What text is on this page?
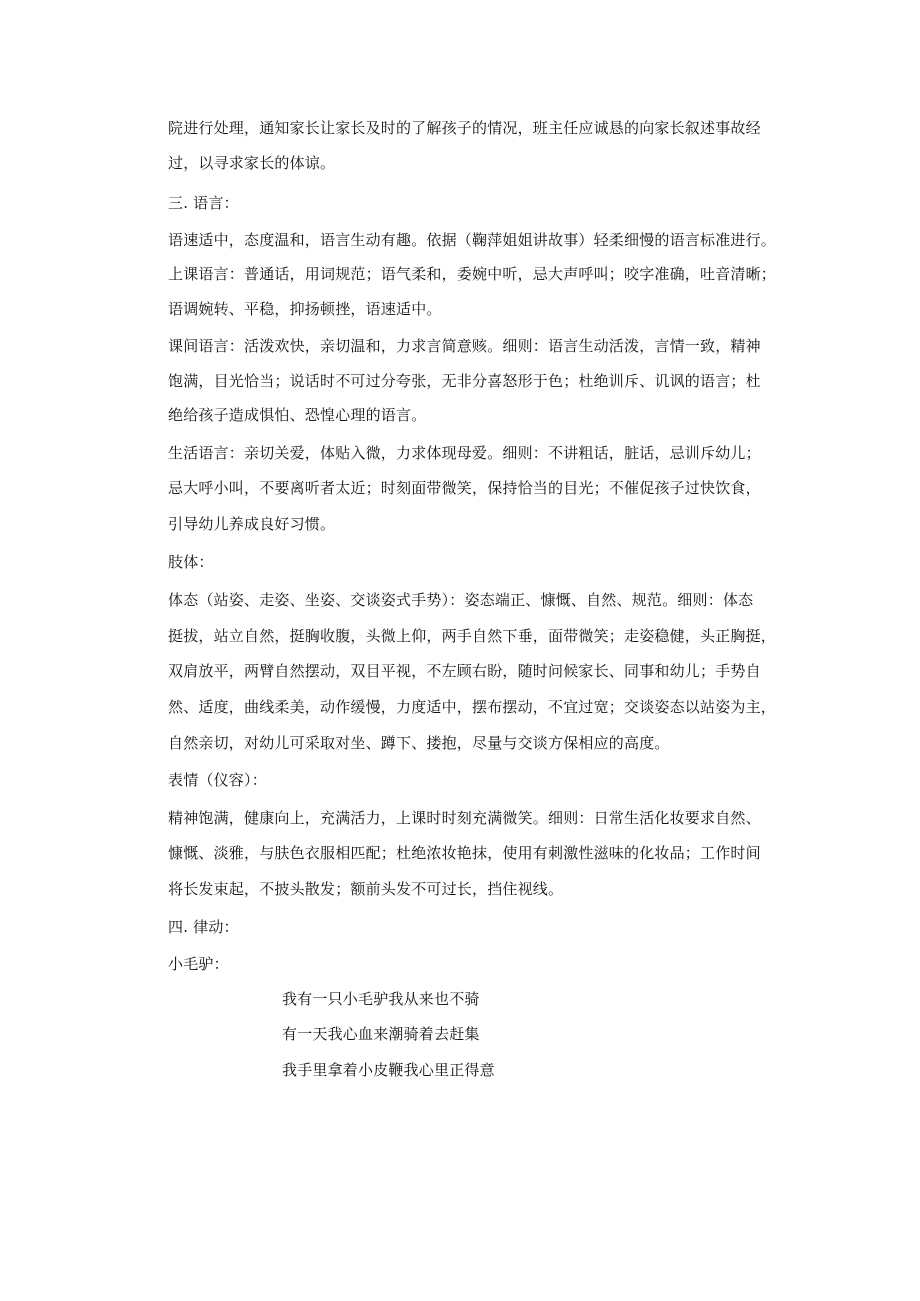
院进行处理，通知家长让家长及时的了解孩子的情况，班主任应诚恳的向家长叙述事故经
过，以寻求家长的体谅。
三. 语言：
语速适中，态度温和，语言生动有趣。依据（鞠萍姐姐讲故事）轻柔细慢的语言标准进行。
上课语言：普通话，用词规范；语气柔和，委婉中听，忌大声呼叫；咬字准确，吐音清晰；
语调婉转、平稳，抑扬顿挫，语速适中。
课间语言：活泼欢快，亲切温和，力求言简意赅。细则：语言生动活泼，言情一致，精神
饱满，目光恰当；说话时不可过分夸张，无非分喜怒形于色；杜绝训斥、讥讽的语言；杜
绝给孩子造成惧怕、恐惶心理的语言。
生活语言：亲切关爱，体贴入微，力求体现母爱。细则：不讲粗话，脏话，忌训斥幼儿；
忌大呼小叫，不要离听者太近；时刻面带微笑，保持恰当的目光；不催促孩子过快饮食，
引导幼儿养成良好习惯。
肢体：
体态（站姿、走姿、坐姿、交谈姿式手势）：姿态端正、慷慨、自然、规范。细则：体态
挺拔，站立自然，挺胸收腹，头微上仰，两手自然下垂，面带微笑；走姿稳健，头正胸挺，
双肩放平，两臂自然摆动，双目平视，不左顾右盼，随时问候家长、同事和幼儿；手势自
然、适度，曲线柔美，动作缓慢，力度适中，摆布摆动，不宜过宽；交谈姿态以站姿为主，
自然亲切，对幼儿可采取对坐、蹲下、搂抱，尽量与交谈方保相应的高度。
表情（仪容）：
精神饱满，健康向上，充满活力，上课时时刻充满微笑。细则：日常生活化妆要求自然、
慷慨、淡雅，与肤色衣服相匹配；杜绝浓妆艳抹，使用有刺激性滋味的化妆品；工作时间
将长发束起，不披头散发；额前头发不可过长，挡住视线。
四. 律动：
小毛驴：
我有一只小毛驴我从来也不骑
有一天我心血来潮骑着去赶集
我手里拿着小皮鞭我心里正得意
